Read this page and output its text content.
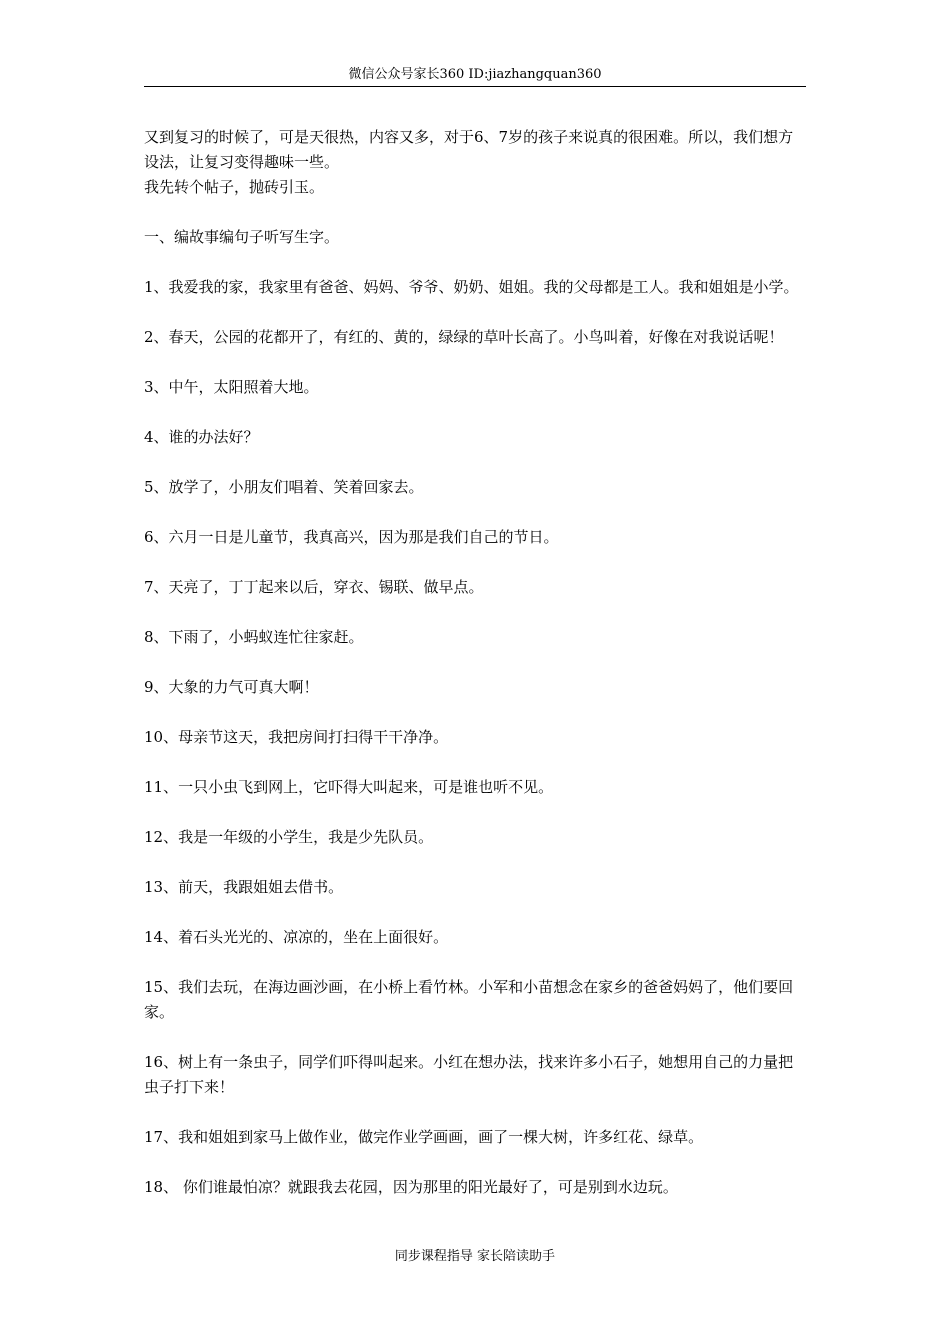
微信公众号家长360 ID:jiazhangquan360

又到复习的时候了，可是天很热，内容又多，对于6、7岁的孩子来说真的很困难。所以，我们想方设法，让复习变得趣味一些。

我先转个帖子，抛砖引玉。

一、编故事编句子听写生字。

1、我爱我的家，我家里有爸爸、妈妈、爷爷、奶奶、姐姐。我的父母都是工人。我和姐姐是小学。

2、春天，公园的花都开了，有红的、黄的，绿绿的草叶长高了。小鸟叫着，好像在对我说话呢！

3、中午，太阳照着大地。

4、谁的办法好？

5、放学了，小朋友们唱着、笑着回家去。

6、六月一日是儿童节，我真高兴，因为那是我们自己的节日。

7、天亮了，丁丁起来以后，穿衣、锡联、做早点。

8、下雨了，小蚂蚁连忙往家赶。

9、大象的力气可真大啊！

10、母亲节这天，我把房间打扫得干干净净。

11、一只小虫飞到网上，它吓得大叫起来，可是谁也听不见。

12、我是一年级的小学生，我是少先队员。

13、前天，我跟姐姐去借书。

14、着石头光光的、凉凉的，坐在上面很好。

15、我们去玩，在海边画沙画，在小桥上看竹林。小军和小苗想念在家乡的爸爸妈妈了，他们要回家。

16、树上有一条虫子，同学们吓得叫起来。小红在想办法，找来许多小石子，她想用自己的力量把虫子打下来！

17、我和姐姐到家马上做作业，做完作业学画画，画了一棵大树，许多红花、绿草。

18、 你们谁最怕凉？就跟我去花园，因为那里的阳光最好了，可是别到水边玩。

同步课程指导 家长陪读助手
